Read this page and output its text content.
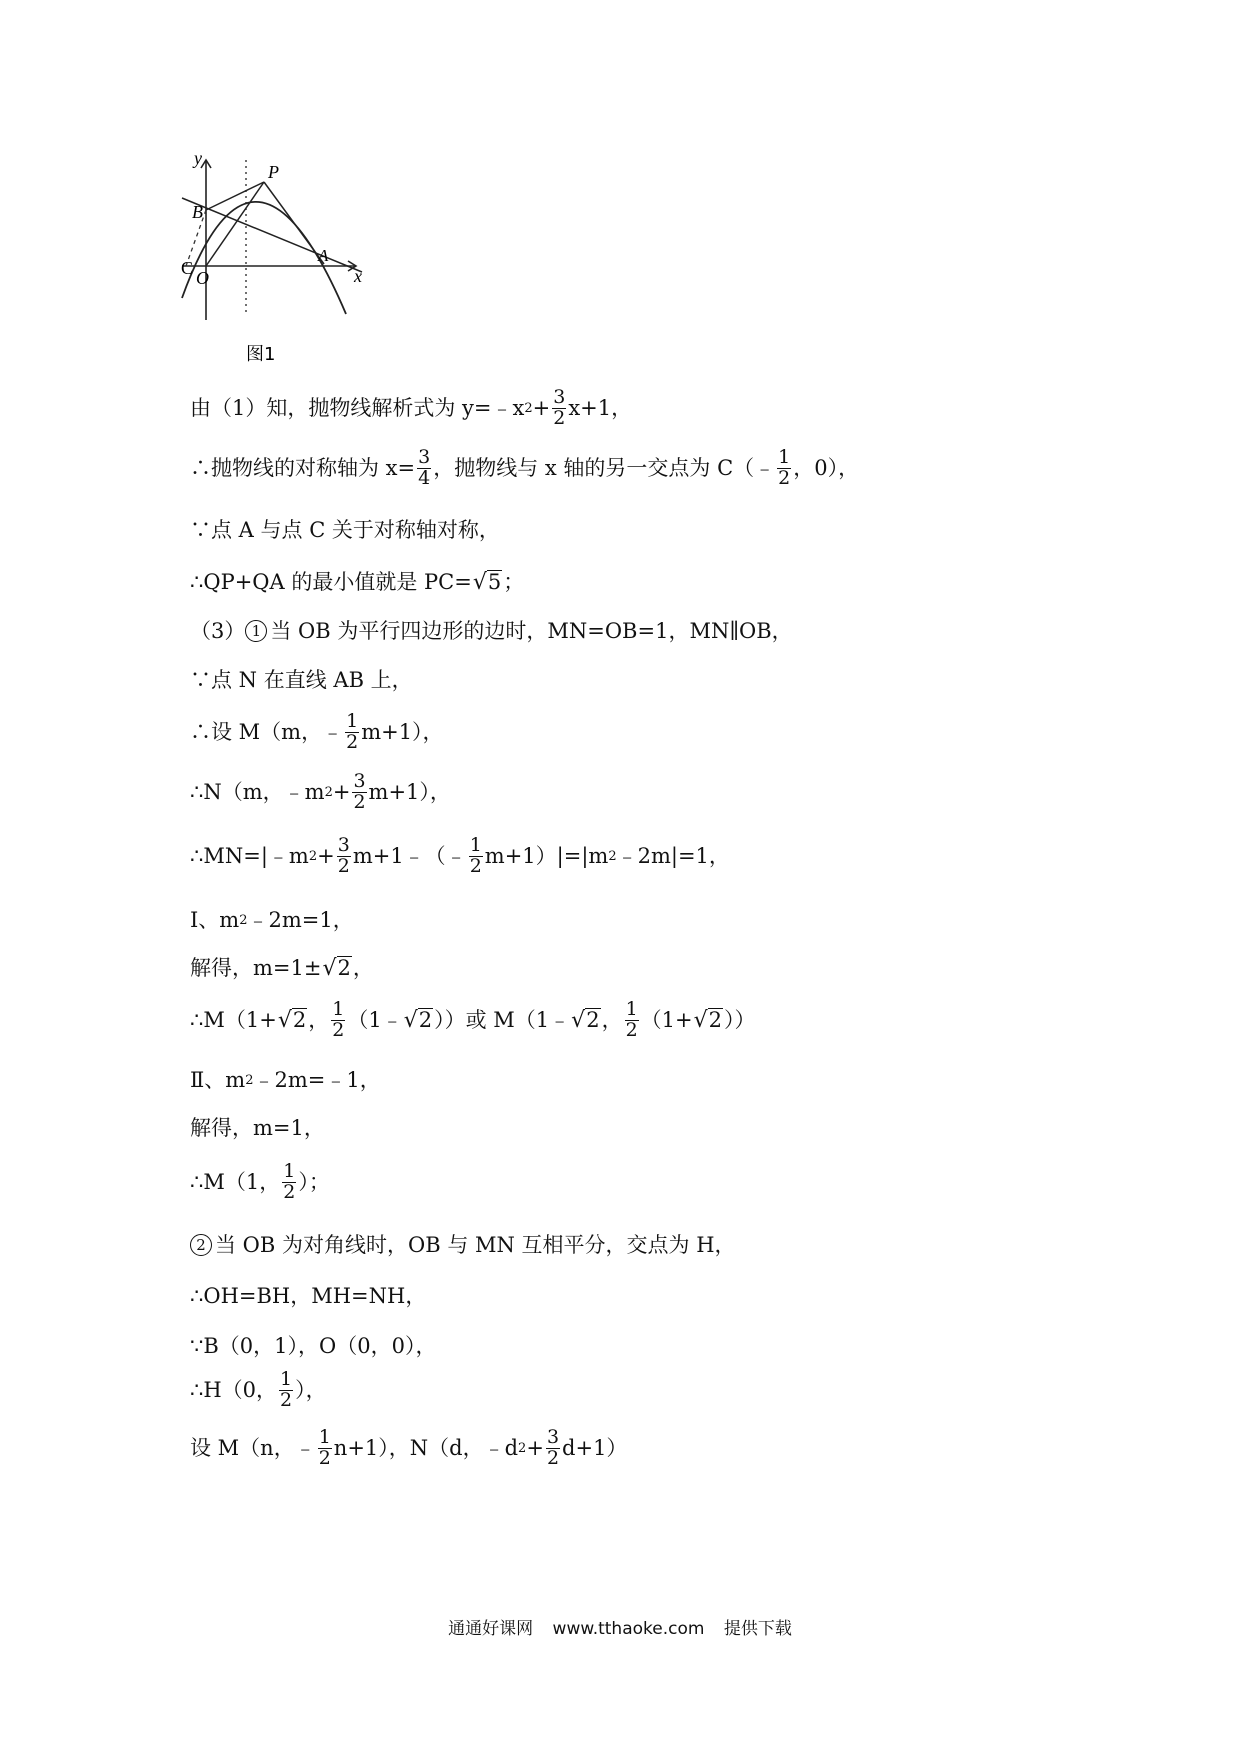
y
x
P
B
C O
A
图1
由（1）知，抛物线解析式为 y=﹣x $2 + \frac{3}{2} x+1$，
∴抛物线的对称轴为 $x= \frac{3}{4}$ ，抛物线与 x 轴的另一交点为 C（﹣ $\frac{1}{2}$ ，0），
∵点 A 与点 C 关于对称轴对称，
∴QP+QA 的最小值就是 PC= √ 5 ；
（3） 1 当 OB 为平行四边形的边时，MN=OB=1，MN∥OB，
∵点 N 在直线 AB 上，
∴设 M（m，﹣ $\frac{1}{2} m+1$），
∴N（m，﹣m $2 + \frac{3}{2} m+1$），
∴MN=|﹣m $2 + \frac{3}{2}$ m+1﹣（﹣ $\frac{1}{2} m+1)|=|m$ 2 ﹣2m|=1，
Ⅰ、m 2 ﹣2m=1，
解得，m=1± √ 2 ，
∴M（1+ √ 2 ， $\frac{1}{2}$ （1﹣ √ 2 ））或 M（1﹣ √ 2 ， $\frac{1}{2} (1+$ √ 2 ））
Ⅱ、m 2 ﹣2m=﹣1，
解得，m=1，
∴M（1， $\frac{1}{2}$ ）；
2 当 OB 为对角线时，OB 与 MN 互相平分，交点为 H，
∴OH=BH，MH=NH，
∵B（0，1），O（0，0），
∴H（0， $\frac{1}{2}$ ），
设 M（n，﹣ $\frac{1}{2} n+1$），N（d，﹣d $2 + \frac{3}{2} d+1$）
通通好课网 www.tthaoke.com 提供下载
